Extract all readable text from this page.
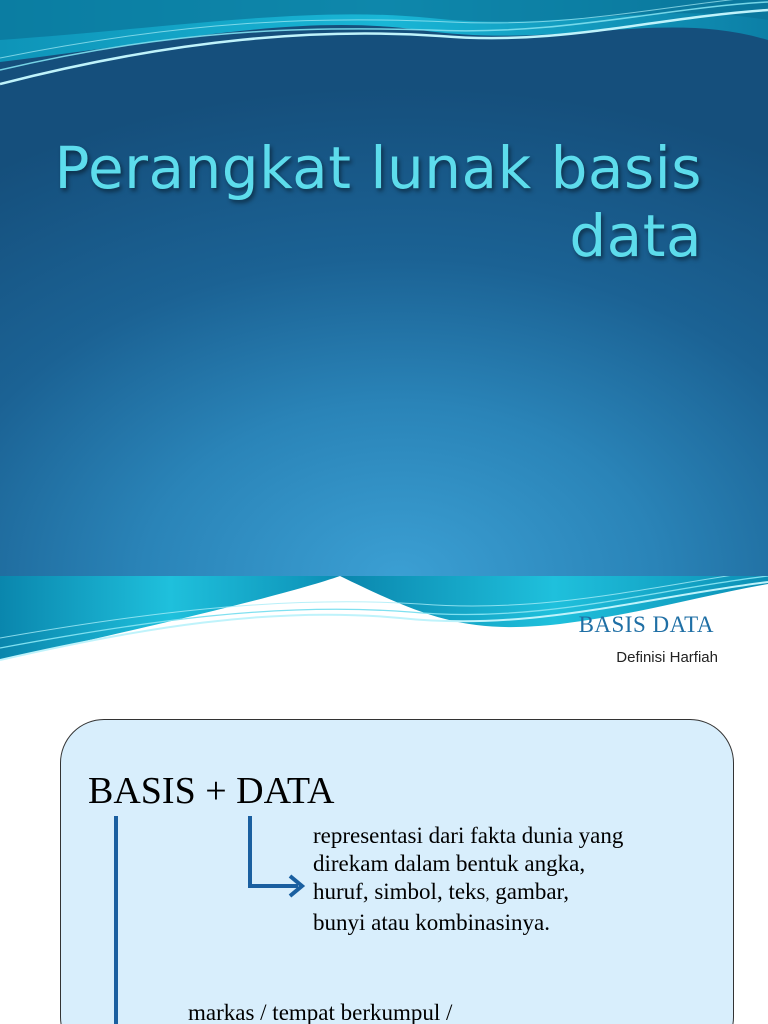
Perangkat lunak basis
data
BASIS DATA
Definisi Harfiah
BASIS + DATA
representasi dari fakta dunia yang
direkam dalam bentuk angka,
huruf, simbol, teks, gambar,
bunyi atau kombinasinya.
markas / tempat berkumpul /
